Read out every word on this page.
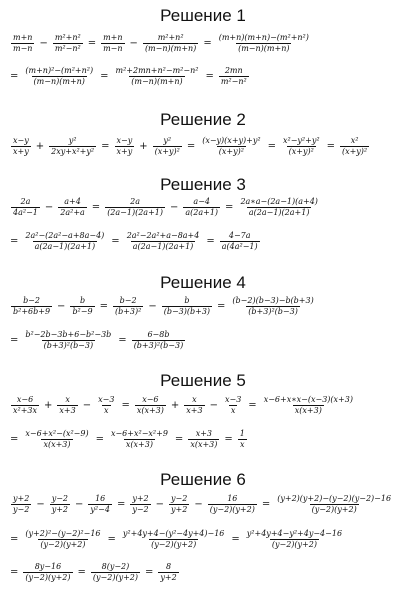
Решение 1
Решение 2
Решение 3
Решение 4
Решение 5
Решение 6
$\frac{m+n}{m-n} - \frac{\text{m²+n²}}{\text{m²−n²}} = \frac{m+n}{m-n} - \frac{\text{m²+n²}}{(m-n)(m+n)} = \frac{\text{(m+n)(m+n)−(m²+n²)}}{(m-n)(m+n)}$
= $\frac{\text{(m+n)²−(m²+n²)}}{(m-n)(m+n)} = \frac{\text{m²+2mn+n²−m²−n²}}{(m-n)(m+n)} = \frac{2mn}{\text{m²−n²}}$
$\frac{x-y}{x+y} + \frac{\text{y²}}{\text{2xy+x²+y²}} = \frac{x-y}{x+y} + \frac{\text{y²}}{\text{(x+y)²}} = \frac{\text{(x−y)(x+y)+y²}}{\text{(x+y)²}} = \frac{\text{x²−y²+y²}}{\text{(x+y)²}} = \frac{\text{x²}}{\text{(x+y)²}}$
$\frac{2a}{\text{4a²−1}} - \frac{a+4}{\text{2a²+a}} = \frac{2a}{(2a-1)(2a+1)} - \frac{a-4}{a(2a+1)} = \frac{2a∗a-(2a-1)(a+4)}{a(2a-1)(2a+1)}$
= $\frac{\text{2a²−(2a²−a+8a−4)}}{a(2a-1)(2a+1)} = \frac{\text{2a²−2a²+a−8a+4}}{a(2a-1)(2a+1)} = \frac{4-7a}{\text{a(4a²−1)}}$
$\frac{b-2}{\text{b²+6b+9}} - \frac{b}{\text{b²−9}} = \frac{b-2}{\text{(b+3)²}} - \frac{b}{(b-3)(b+3)} = \frac{(b-2)(b-3)-b(b+3)}{\text{(b+3)²(b−3)}}$
= $\frac{\text{b²−2b−3b+6−b²−3b}}{\text{(b+3)²(b−3)}} = \frac{6-8b}{\text{(b+3)²(b−3)}}$
$\frac{x-6}{\text{x²+3x}} + \frac{x}{x+3} - \frac{x-3}{x} = \frac{x-6}{x(x+3)} + \frac{x}{x+3} - \frac{x-3}{x} = \frac{x-6+x∗x-(x-3)(x+3)}{x(x+3)}$
= $\frac{\text{x−6+x²−(x²−9)}}{x(x+3)} = \frac{\text{x−6+x²−x²+9}}{x(x+3)} = \frac{x+3}{x(x+3)} = \frac{1}{x}$
$\frac{y+2}{y-2} - \frac{y-2}{y+2} - \frac{16}{\text{y²−4}} = \frac{y+2}{y-2} - \frac{y-2}{y+2} - \frac{16}{(y-2)(y+2)} = \frac{(y+2)(y+2)-(y-2)(y-2)-16}{(y-2)(y+2)}$
= $\frac{\text{(y+2)²−(y−2)²−16}}{(y-2)(y+2)} = \frac{\text{y²+4y+4−(y²−4y+4)−16}}{(y-2)(y+2)} = \frac{\text{y²+4y+4−y²+4y−4−16}}{(y-2)(y+2)}$
= $\frac{8y-16}{(y-2)(y+2)} = \frac{8(y-2)}{(y-2)(y+2)} = \frac{8}{y+2}$
